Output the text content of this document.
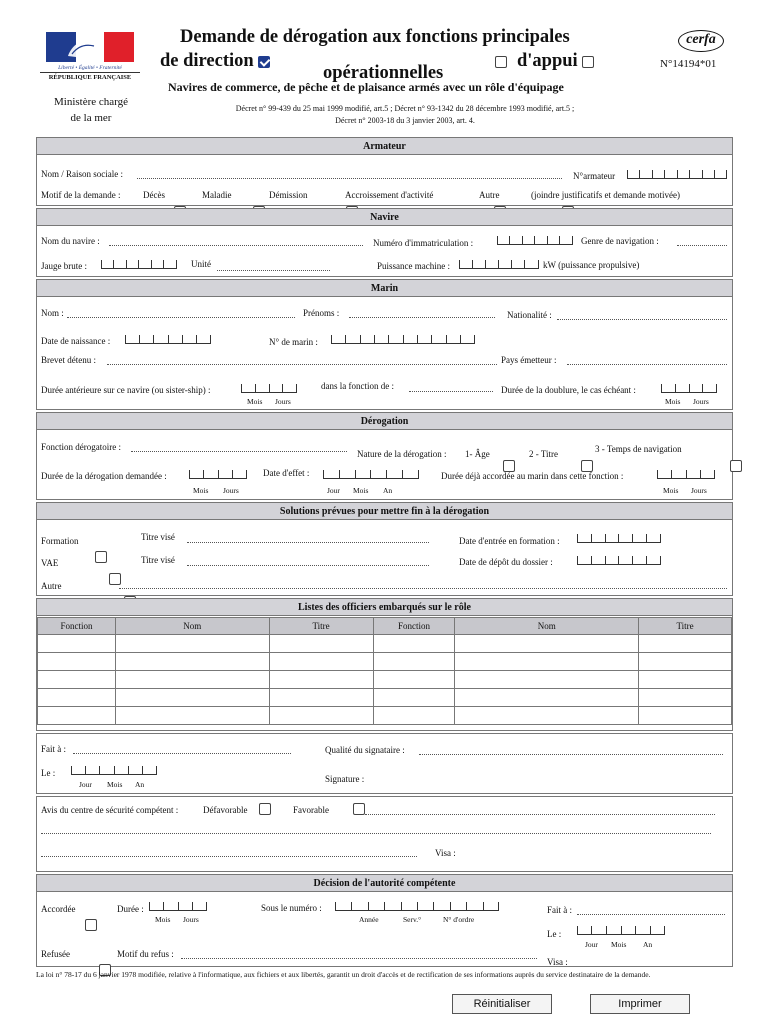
Liberté • Égalité • Fraternité
RÉPUBLIQUE FRANÇAISE
Ministère chargé
de la mer
Demande de dérogation aux fonctions principales
de direction
opérationnelles
d'appui
Navires de commerce, de pêche et de plaisance armés avec un rôle d'équipage
Décret n° 99-439 du 25 mai 1999 modifié, art.5 ; Décret n° 93-1342 du 28 décembre 1993 modifié, art.5 ;
Décret n° 2003-18 du 3 janvier 2003, art. 4.
cerfa
N°14194*01
Armateur
Nom / Raison sociale :	N°armateur
Motif de la demande :	Décès
	Maladie
	Démission
	Accroissement d'activité
	Autre	(joindre justificatifs et demande motivée)
Navire
Nom du navire :	Numéro d'immatriculation :	Genre de navigation :
Jauge brute :	Unité	Puissance machine :	kW (puissance propulsive)
Marin
Nom :	Prénoms :	Nationalité :
Date de naissance :	N° de marin :
Brevet détenu :	Pays émetteur :
Durée antérieure sur ce navire (ou sister-ship) :
Mois Jours
dans la fonction de :	Durée de la doublure, le cas échéant :
Mois Jours
Dérogation
Fonction dérogatoire :
Nature de la dérogation : 1- Âge
	2 - Titre
	3 - Temps de navigation
Durée de la dérogation demandée :
Mois Jours
Date d'effet :
Jour Mois An
Durée déjà accordée au marin dans cette fonction :
Mois Jours
Solutions prévues pour mettre fin à la dérogation
Formation
	Titre visé	Date d'entrée en formation :
VAE
	Titre visé	Date de dépôt du dossier :
Autre
Listes des officiers embarqués sur le rôle
Fonction	Nom	Titre	Fonction	Nom	Titre

Fait à :	Qualité du signataire :
Le :
Jour Mois An
Signature :
Avis du centre de sécurité compétent :	Défavorable
	Favorable
Visa :
Décision de l'autorité compétente
Accordée
	Durée :
Mois Jours
Sous le numéro :
Année	Serv.°	N° d'ordre
Fait à :
Le :
Jour Mois An
Refusée	Motif du refus :
Visa :
La loi n° 78-17 du 6 janvier 1978 modifiée, relative à l'informatique, aux fichiers et aux libertés, garantit un droit d'accès et de rectification de ses informations auprès du service destinataire de la demande.
Réinitialiser	Imprimer
